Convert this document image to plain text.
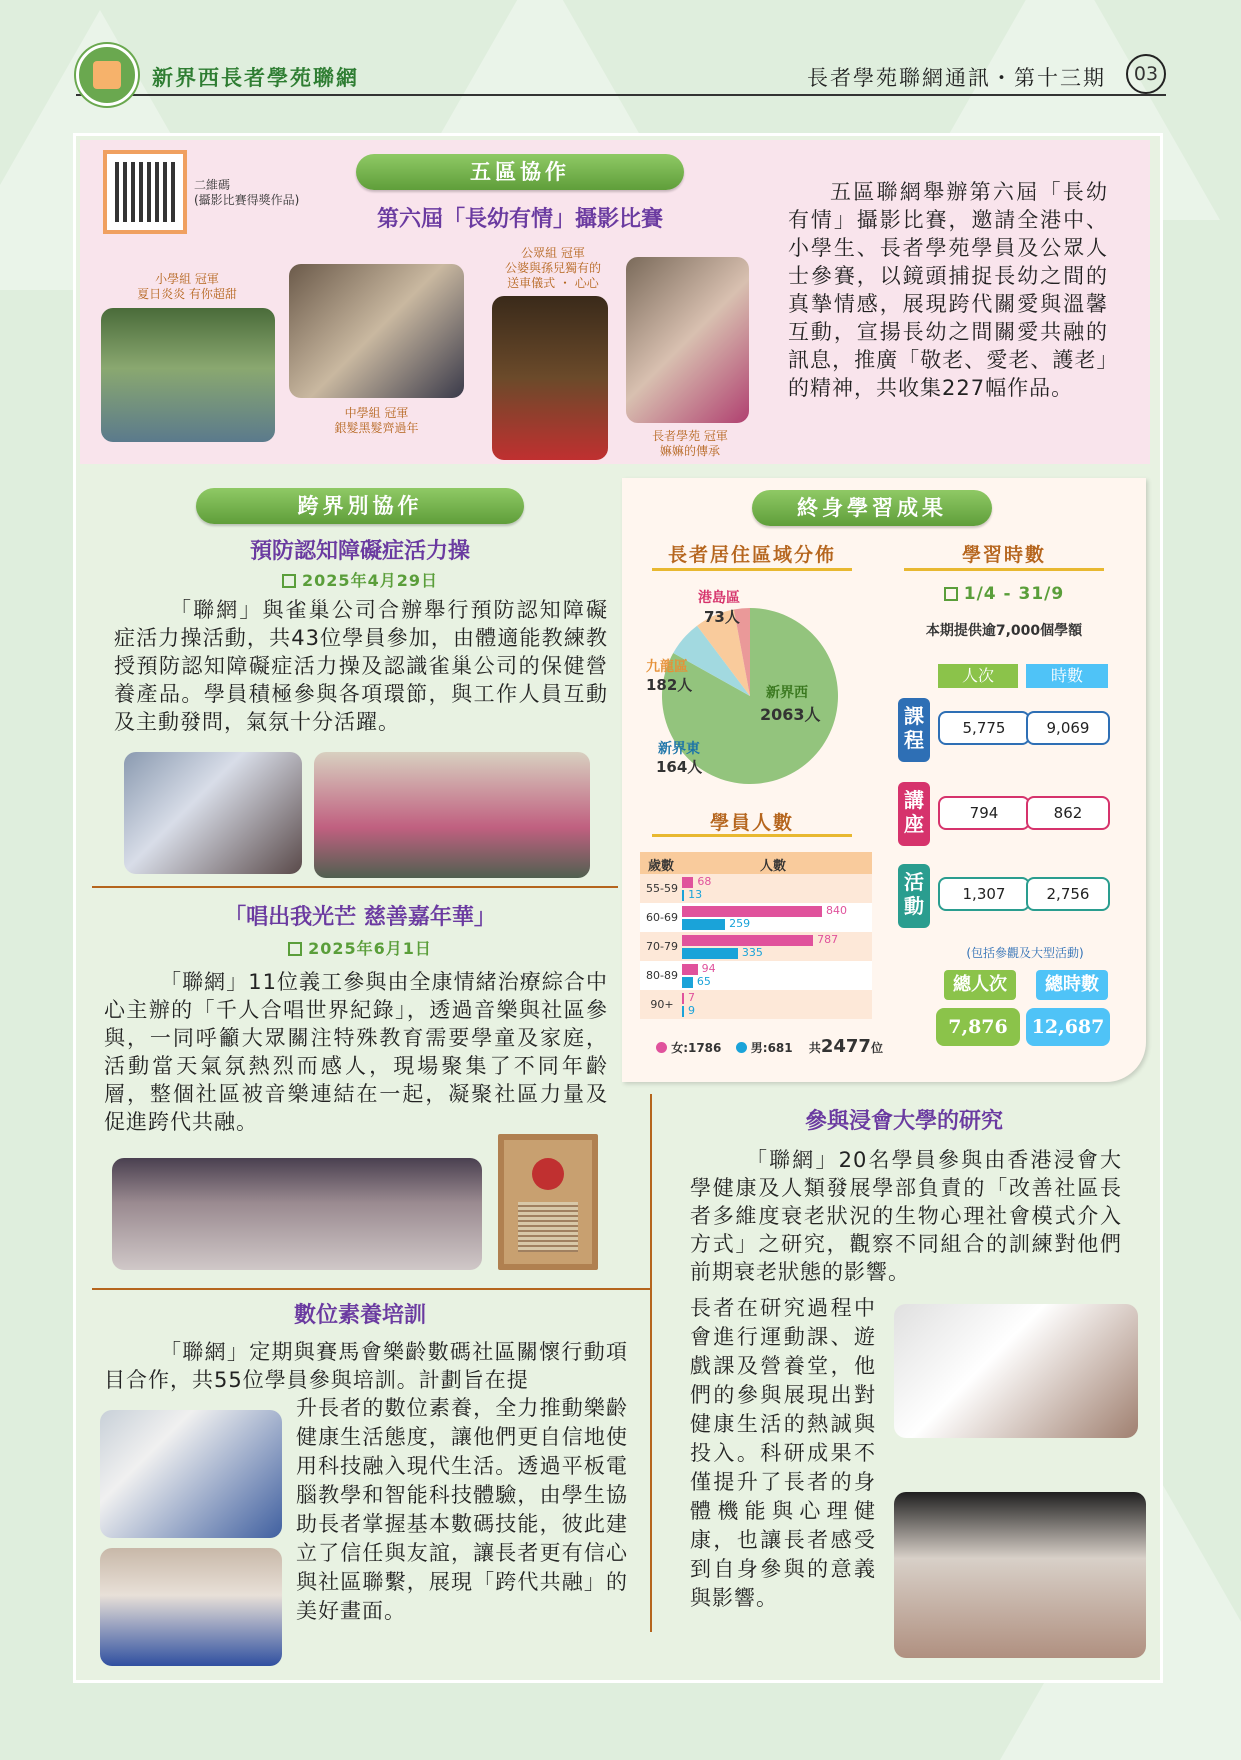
新界西長者學苑聯網	長者學苑聯網通訊・第十三期	03
二維碼
(攝影比賽得獎作品)
五區協作
第六屆「長幼有情」攝影比賽
小學組 冠軍
夏日炎炎 有你超甜
中學組 冠軍
銀髮黑髮齊過年
公眾組 冠軍
公婆與孫兒獨有的
送車儀式 ・ 心心
長者學苑 冠軍
嫲嫲的傳承
五區聯網舉辦第六屆「長幼有情」攝影比賽，邀請全港中、小學生、長者學苑學員及公眾人士參賽，以鏡頭捕捉長幼之間的真摯情感，展現跨代關愛與溫馨互動，宣揚長幼之間關愛共融的訊息，推廣「敬老、愛老、護老」的精神，共收集227幅作品。
跨界別協作
預防認知障礙症活力操
2025年4月29日
「聯網」與雀巢公司合辦舉行預防認知障礙症活力操活動，共43位學員參加，由體適能教練教授預防認知障礙症活力操及認識雀巢公司的保健營養產品。學員積極參與各項環節，與工作人員互動及主動發問，氣氛十分活躍。
「唱出我光芒 慈善嘉年華」
2025年6月1日
「聯網」11位義工參與由全康情緒治療綜合中心主辦的「千人合唱世界紀錄」，透過音樂與社區參與，一同呼籲大眾關注特殊教育需要學童及家庭，活動當天氣氛熱烈而感人，現場聚集了不同年齡層，整個社區被音樂連結在一起，凝聚社區力量及促進跨代共融。
數位素養培訓
「聯網」定期與賽馬會樂齡數碼社區關懷行動項目合作，共55位學員參與培訓。計劃旨在提
升長者的數位素養，全力推動樂齡健康生活態度，讓他們更自信地使用科技融入現代生活。透過平板電腦教學和智能科技體驗，由學生協助長者掌握基本數碼技能，彼此建立了信任與友誼，讓長者更有信心與社區聯繫，展現「跨代共融」的美好畫面。
參與浸會大學的研究
「聯網」20名學員參與由香港浸會大學健康及人類發展學部負責的「改善社區長者多維度衰老狀況的生物心理社會模式介入方式」之研究，觀察不同組合的訓練對他們前期衰老狀態的影響。
長者在研究過程中會進行運動課、遊戲課及營養堂，他們的參與展現出對健康生活的熱誠與投入。科研成果不僅提升了長者的身體機能與心理健康，也讓長者感受到自身參與的意義與影響。
終身學習成果
長者居住區域分佈
港島區
73人
九龍區
182人	新界西
2063人
新界東
164人
學員人數
歲數	人數
55-59
68
13
60-69
840
259
70-79
787
335
80-89
94
65
90+
7
9
女:1786 男:681 共2477位
學習時數
1/4 - 31/9
本期提供逾7,000個學額
人次	時數
課程	5,775	9,069
講座	794	862
活動	1,307	2,756
(包括參觀及大型活動)
總人次	總時數
7,876	12,687
